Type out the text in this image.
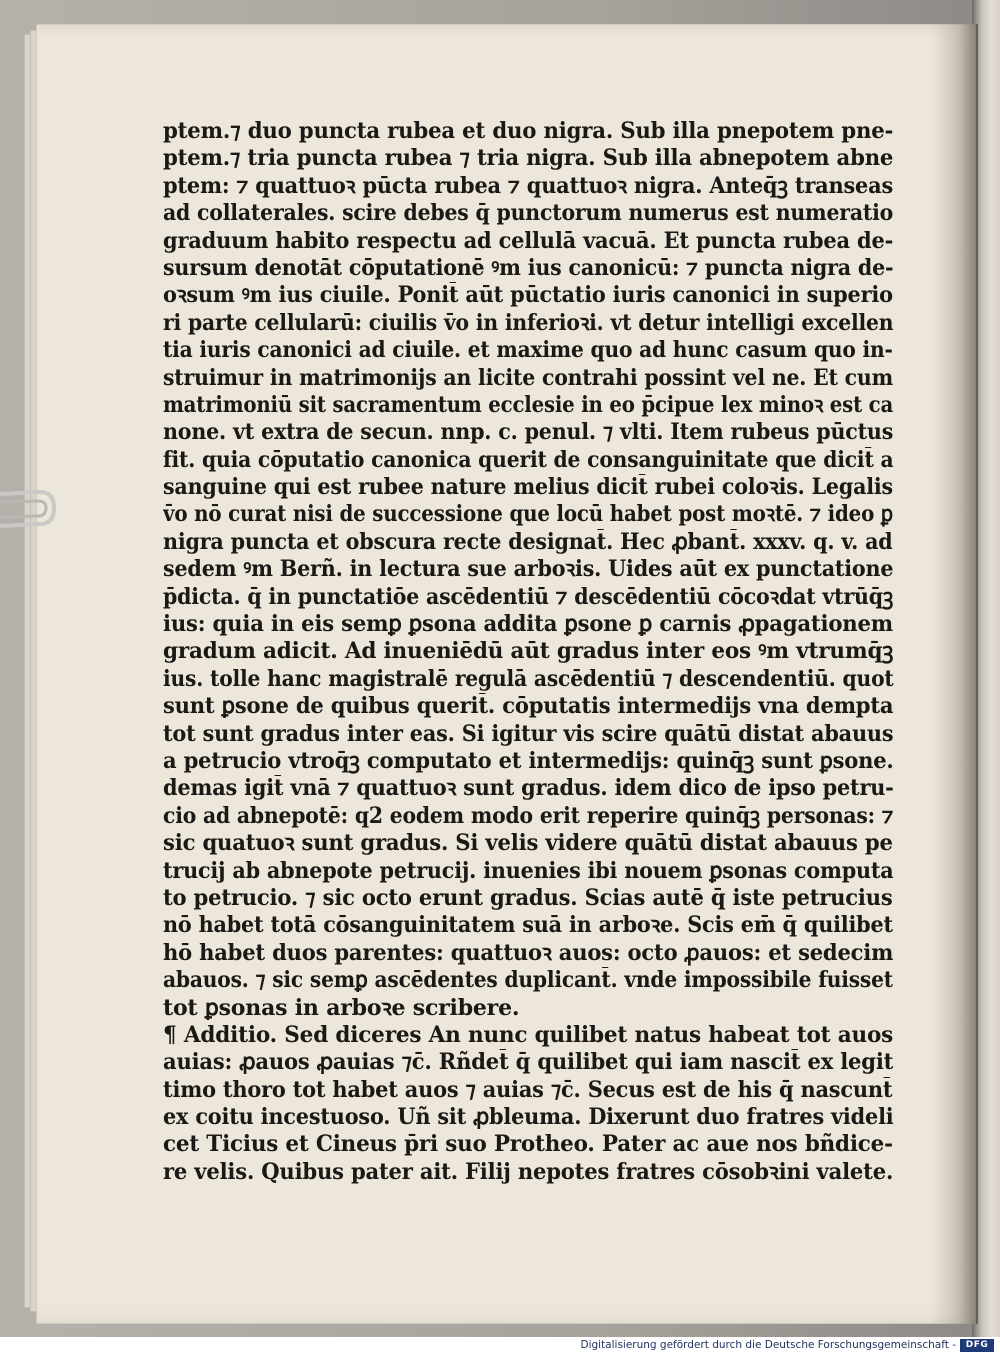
ptem.⁊ duo puncta rubea et duo nigra. Sub illa pnepotem pne-
ptem.⁊ tria puncta rubea ⁊ tria nigra. Sub illa abnepotem abne
ptem: ⁊ quattuoꝛ pūcta rubea ⁊ quattuoꝛ nigra. Anteq̄ꝫ transeas
ad collaterales. scire debes q̄ punctorum numerus est numeratio
graduum habito respectu ad cellulā vacuā. Et puncta rubea de-
sursum denotāt cōputationē ꝰm ius canonicū: ⁊ puncta nigra de-
oꝛsum ꝰm ius ciuile. Ponit̄ aūt pūctatio iuris canonici in superio
ri parte cellularū: ciuilis v̄o in inferioꝛi. vt detur intelligi excellen
tia iuris canonici ad ciuile. et maxime quo ad hunc casum quo in-
struimur in matrimonijs an licite contrahi possint vel ne. Et cum
matrimoniū sit sacramentum ecclesie in eo p̄cipue lex minoꝛ est ca
none. vt extra de secun. nnp. c. penul. ⁊ vlti. Item rubeus pūctus
fit. quia cōputatio canonica querit de consanguinitate que dicit̄ a
sanguine qui est rubee nature melius dicit̄ rubei coloꝛis. Legalis
v̄o nō curat nisi de successione que locū habet post moꝛtē. ⁊ ideo ꝑ
nigra puncta et obscura recte designat̄. Hec ꝓbant̄. xxxv. q. v. ad
sedem ꝰm Berñ. in lectura sue arboꝛis. Uides aūt ex punctatione
p̄dicta. q̄ in punctatiōe ascēdentiū ⁊ descēdentiū cōcoꝛdat vtrūq̄ꝫ
ius: quia in eis semꝑ ꝑsona addita ꝑsone ꝑ carnis ꝓpagationem
gradum adicit. Ad inueniēdū aūt gradus inter eos ꝰm vtrumq̄ꝫ
ius. tolle hanc magistralē regulā ascēdentiū ⁊ descendentiū. quot
sunt ꝑsone de quibus querit̄. cōputatis intermedijs vna dempta
tot sunt gradus inter eas. Si igitur vis scire quātū distat abauus
a petrucio vtroq̄ꝫ computato et intermedijs: quinq̄ꝫ sunt ꝑsone.
demas igit̄ vnā ⁊ quattuoꝛ sunt gradus. idem dico de ipso petru-
cio ad abnepotē: q2 eodem modo erit reperire quinq̄ꝫ personas: ⁊
sic quatuoꝛ sunt gradus. Si velis videre quātū distat abauus pe
trucij ab abnepote petrucij. inuenies ibi nouem ꝑsonas computa
to petrucio. ⁊ sic octo erunt gradus. Scias autē q̄ iste petrucius
nō habet totā cōsanguinitatem suā in arboꝛe. Scis em̄ q̄ quilibet
hō habet duos parentes: quattuoꝛ auos: octo ꝓauos: et sedecim
abauos. ⁊ sic semꝑ ascēdentes duplicant̄. vnde impossibile fuisset
tot ꝑsonas in arboꝛe scribere.
¶ Additio. Sed diceres An nunc quilibet natus habeat tot auos
auias: ꝓauos ꝓauias ⁊c̄. Rñdet̄ q̄ quilibet qui iam nascit̄ ex legit
timo thoro tot habet auos ⁊ auias ⁊c̄. Secus est de his q̄ nascunt̄
ex coitu incestuoso. Uñ sit ꝓbleuma. Dixerunt duo fratres videli
cet Ticius et Cineus p̄ri suo Protheo. Pater ac aue nos bñdice-
re velis. Quibus pater ait. Filij nepotes fratres cōsobꝛini valete.
Digitalisierung gefördert durch die Deutsche Forschungsgemeinschaft -	DFG
